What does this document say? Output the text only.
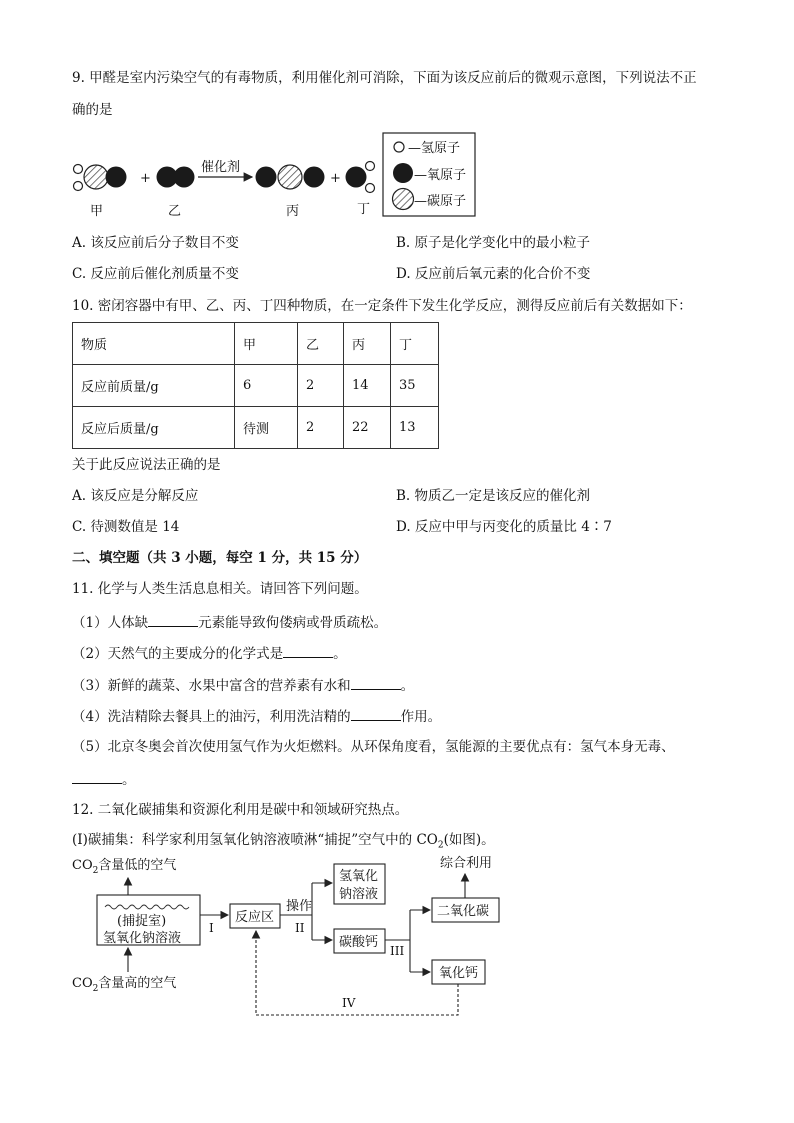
9. 甲醛是室内污染空气的有毒物质，利用催化剂可消除，下面为该反应前后的微观示意图，下列说法不正
确的是
+
催化剂
+
甲	乙	丙	丁
—氢原子
—氧原子
—碳原子
$CO_2$含量低的空气
(捕捉室)
氢氧化钠溶液
$CO_2$含量高的空气
I
反应区
操作
II
氢氧化
钠溶液
碳酸钙
III
二氧化碳
综合利用
氧化钙
IV
A. 该反应前后分子数目不变	B. 原子是化学变化中的最小粒子
C. 反应前后催化剂质量不变	D. 反应前后氧元素的化合价不变
10. 密闭容器中有甲、乙、丙、丁四种物质，在一定条件下发生化学反应，测得反应前后有关数据如下：
物质	甲	乙	丙	丁
反应前质量/g	6	2	14	35
反应后质量/g	待测	2	22	13
关于此反应说法正确的是
A. 该反应是分解反应	B. 物质乙一定是该反应的催化剂
C. 待测数值是 14	D. 反应中甲与丙变化的质量比 4∶7
二、填空题（共 3 小题，每空 1 分，共 15 分）
11. 化学与人类生活息息相关。请回答下列问题。
（1）人体缺	元素能导致佝偻病或骨质疏松。
（2）天然气的主要成分的化学式是	。
（3）新鲜的蔬菜、水果中富含的营养素有水和	。
（4）洗洁精除去餐具上的油污，利用洗洁精的	作用。
（5）北京冬奥会首次使用氢气作为火炬燃料。从环保角度看，氢能源的主要优点有：氢气本身无毒、
。
12. 二氧化碳捕集和资源化利用是碳中和领域研究热点。
(Ⅰ)碳捕集：科学家利用氢氧化钠溶液喷淋“捕捉”空气中的 $CO_2$(如图)。
